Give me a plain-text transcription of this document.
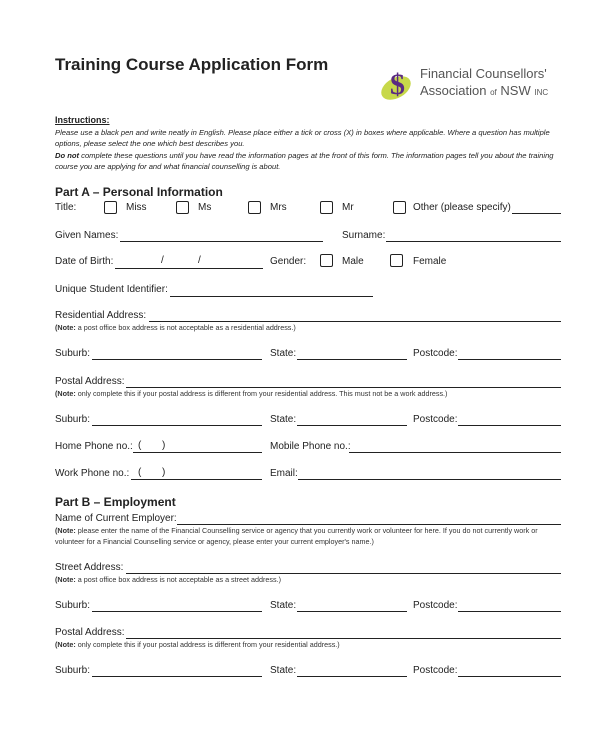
Training Course Application Form
$ Financial Counsellors'
Association of NSW INC
Instructions:
Please use a black pen and write neatly in English. Please place either a tick or cross (X) in boxes where applicable. Where a question has multiple options, please select the one which best describes you.
Do not complete these questions until you have read the information pages at the front of this form. The information pages tell you about the training course you are applying for and what financial counselling is about.
Part A – Personal Information
Title:	Miss	Ms	Mrs	Mr	Other (please specify)
Given Names:	Surname:
Date of Birth:	/	/	Gender:	Male	Female
Unique Student Identifier:
Residential Address:
(Note: a post office box address is not acceptable as a residential address.)
Suburb:	State:	Postcode:
Postal Address:
(Note: only complete this if your postal address is different from your residential address. This must not be a work address.)
Suburb:	State:	Postcode:
Home Phone no.: ( )	Mobile Phone no.:
Work Phone no.: ( )	Email:
Part B – Employment
Name of Current Employer:
(Note: please enter the name of the Financial Counselling service or agency that you currently work or volunteer for here. If you do not currently work or volunteer for a Financial Counselling service or agency, please enter your current employer's name.)
Street Address:
(Note: a post office box address is not acceptable as a street address.)
Suburb:	State:	Postcode:
Postal Address:
(Note: only complete this if your postal address is different from your residential address.)
Suburb:	State:	Postcode:
